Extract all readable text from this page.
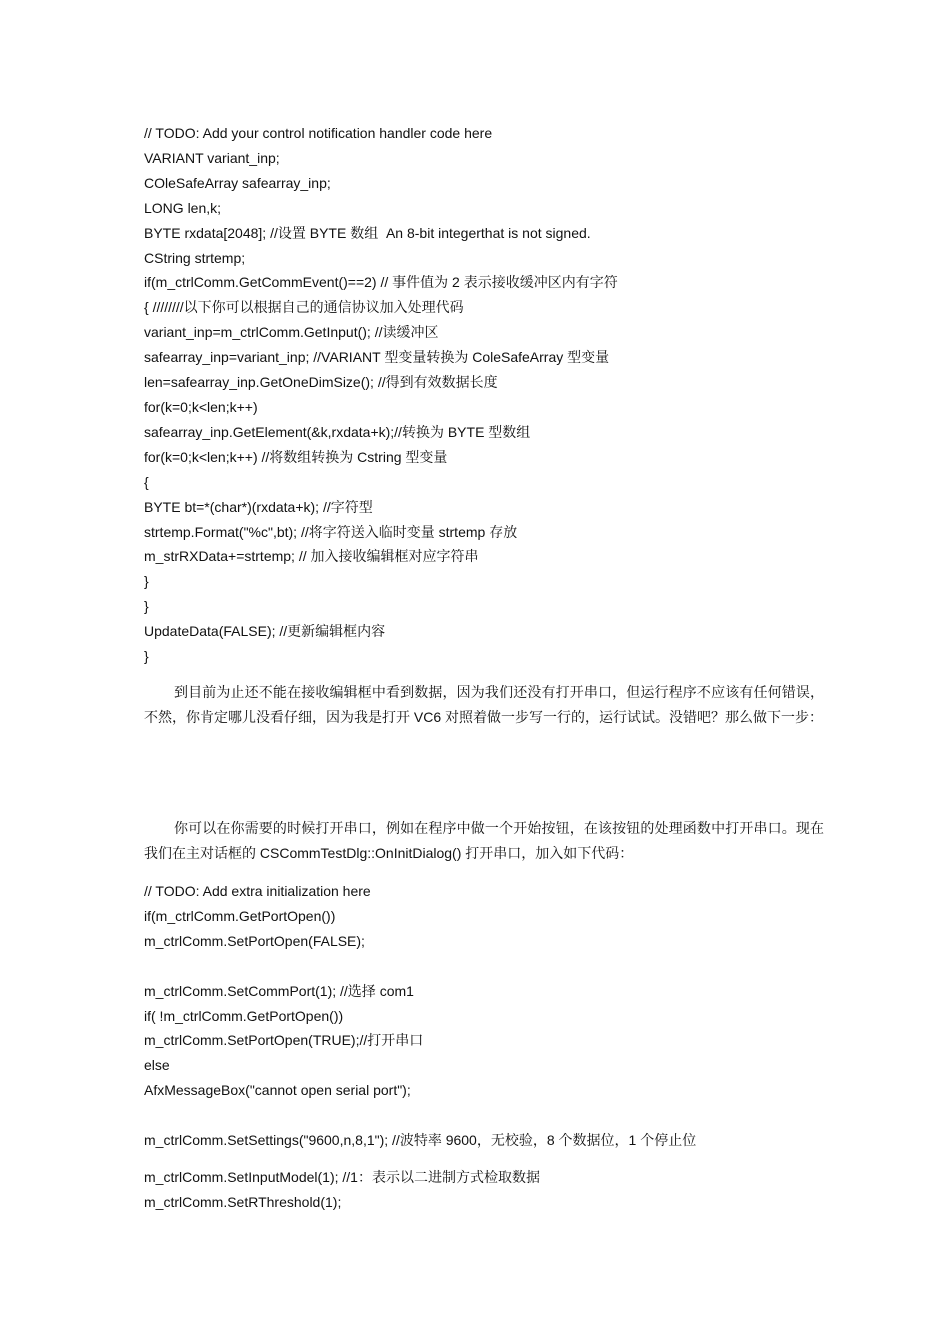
// TODO: Add your control notification handler code here
VARIANT variant_inp;
COleSafeArray safearray_inp;
LONG len,k;
BYTE rxdata[2048]; //设置 BYTE 数组  An 8-bit integerthat is not signed.
CString strtemp;
if(m_ctrlComm.GetCommEvent()==2) // 事件值为 2 表示接收缓冲区内有字符
{ ////////以下你可以根据自己的通信协议加入处理代码
variant_inp=m_ctrlComm.GetInput(); //读缓冲区
safearray_inp=variant_inp; //VARIANT 型变量转换为 ColeSafeArray 型变量
len=safearray_inp.GetOneDimSize(); //得到有效数据长度
for(k=0;k<len;k++)
safearray_inp.GetElement(&k,rxdata+k);//转换为 BYTE 型数组
for(k=0;k<len;k++) //将数组转换为 Cstring 型变量
{
BYTE bt=*(char*)(rxdata+k); //字符型
strtemp.Format("%c",bt); //将字符送入临时变量 strtemp 存放
m_strRXData+=strtemp; // 加入接收编辑框对应字符串
}
}
UpdateData(FALSE); //更新编辑框内容
}

到目前为止还不能在接收编辑框中看到数据，因为我们还没有打开串口，但运行程序不应该有任何错误，不然，你肯定哪儿没看仔细，因为我是打开 VC6 对照着做一步写一行的，运行试试。没错吧？那么做下一步：

你可以在你需要的时候打开串口，例如在程序中做一个开始按钮，在该按钮的处理函数中打开串口。现在我们在主对话框的 CSCommTestDlg::OnInitDialog() 打开串口，加入如下代码：

// TODO: Add extra initialization here
if(m_ctrlComm.GetPortOpen())
m_ctrlComm.SetPortOpen(FALSE);
m_ctrlComm.SetCommPort(1); //选择 com1
if( !m_ctrlComm.GetPortOpen())
m_ctrlComm.SetPortOpen(TRUE);//打开串口
else
AfxMessageBox("cannot open serial port");
m_ctrlComm.SetSettings("9600,n,8,1"); //波特率 9600，无校验，8 个数据位，1 个停止位
m_ctrlComm.SetInputModel(1); //1：表示以二进制方式检取数据
m_ctrlComm.SetRThreshold(1);
